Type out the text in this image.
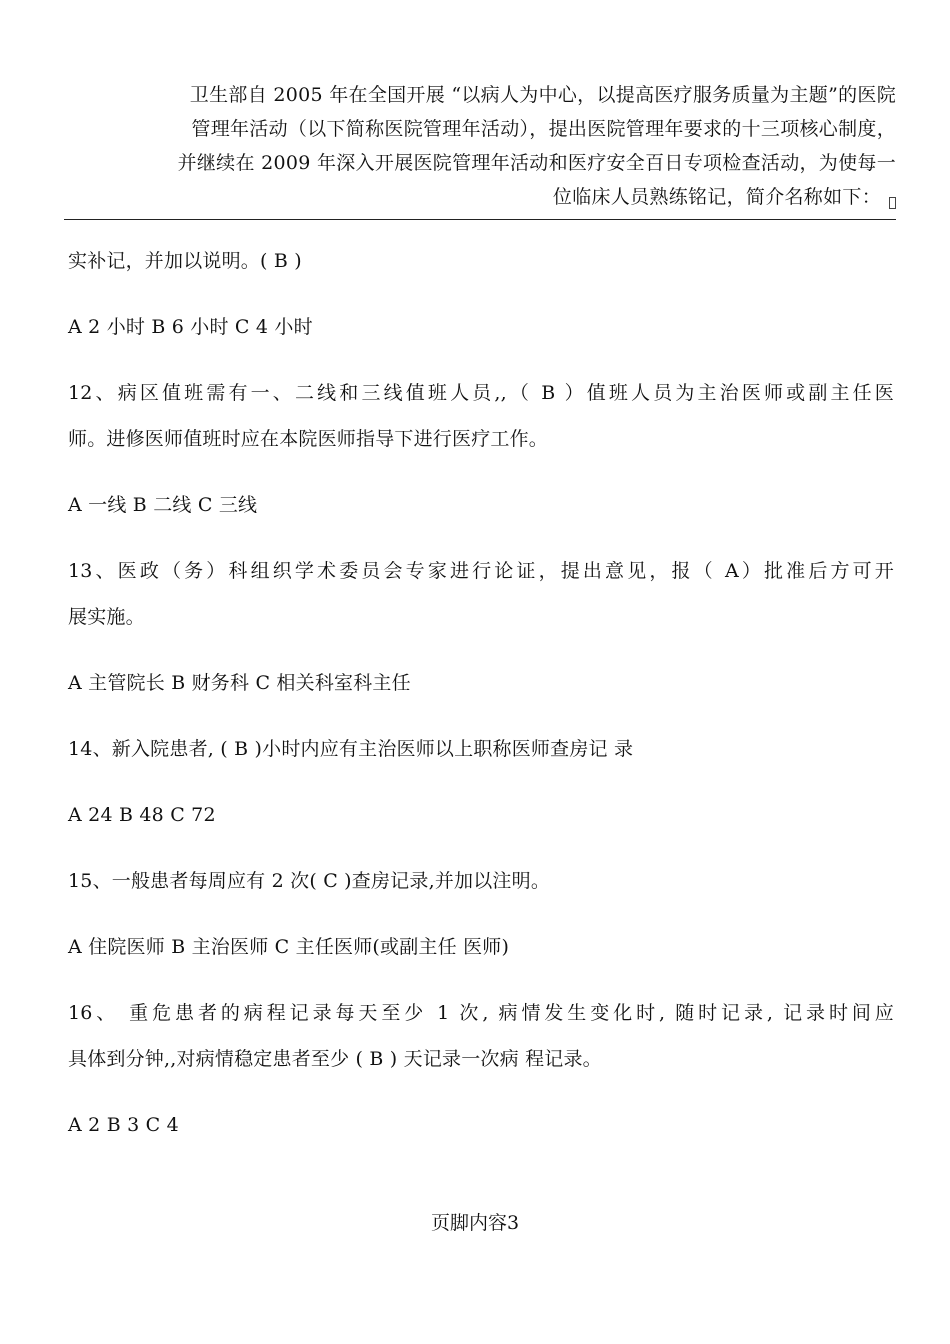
卫生部自 2005 年在全国开展 “以病人为中心，以提高医疗服务质量为主题”的医院
管理年活动（以下简称医院管理年活动），提出医院管理年要求的十三项核心制度，
并继续在 2009 年深入开展医院管理年活动和医疗安全百日专项检查活动，为使每一
位临床人员熟练铭记，简介名称如下：

实补记，并加以说明。( B )

A 2 小时 B 6 小时 C 4 小时

12、病区值班需有一、二线和三线值班人员,,（ B ）值班人员为主治医师或副主任医

师。进修医师值班时应在本院医师指导下进行医疗工作。

A 一线 B 二线 C 三线

13、医政（务）科组织学术委员会专家进行论证，提出意见，报（ A）批准后方可开

展实施。

A 主管院长 B 财务科 C 相关科室科主任

14、新入院患者, ( B )小时内应有主治医师以上职称医师查房记 录

A 24 B 48 C 72

15、一般患者每周应有 2 次( C )查房记录,并加以注明。

A 住院医师 B 主治医师 C 主任医师(或副主任 医师)

16、 重危患者的病程记录每天至少 1 次, 病情发生变化时, 随时记录, 记录时间应

具体到分钟,,对病情稳定患者至少 ( B ) 天记录一次病 程记录。

A 2 B 3 C 4

页脚内容3
